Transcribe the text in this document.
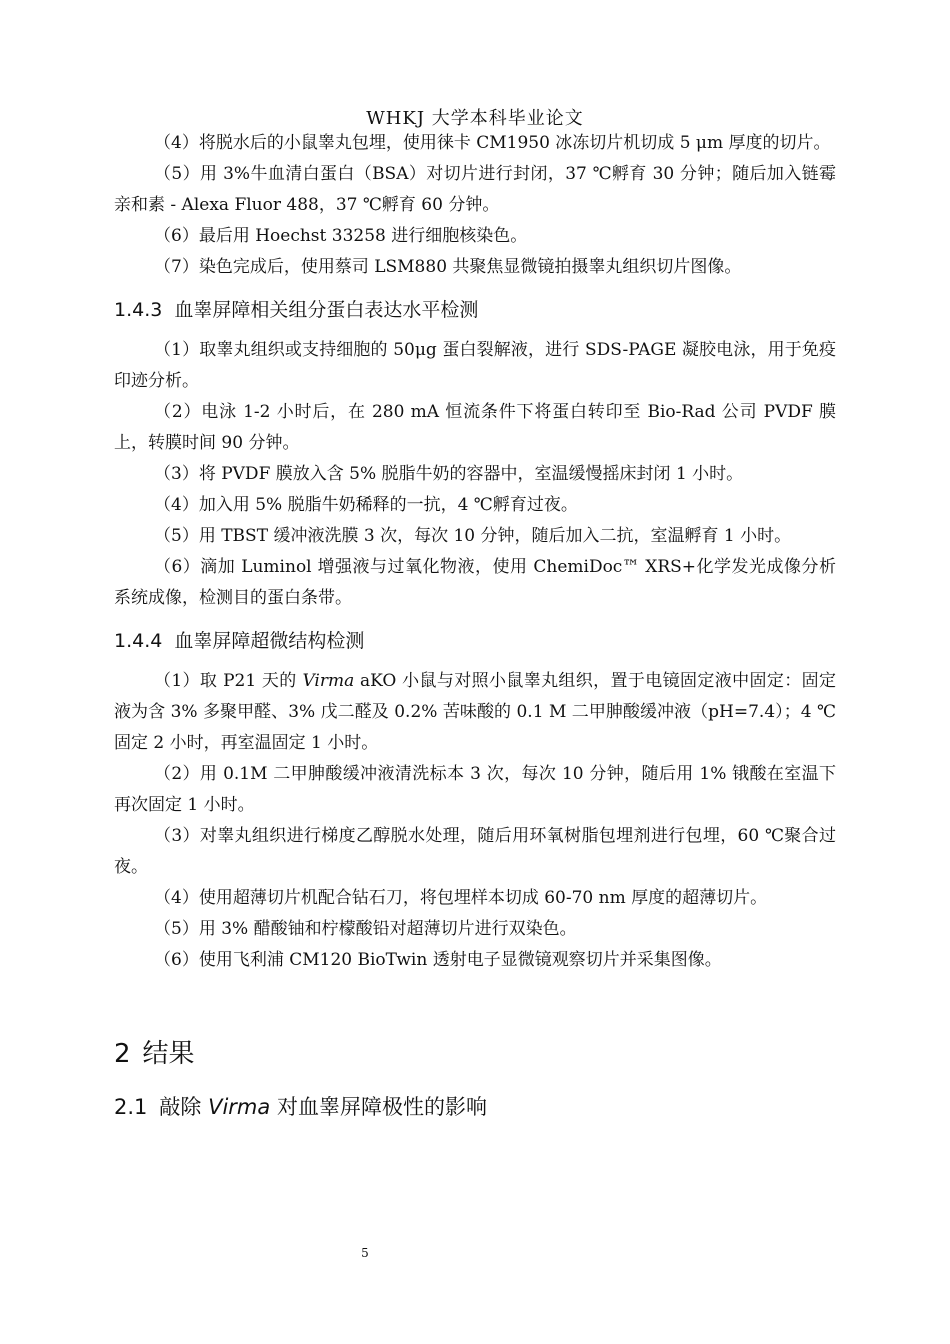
WHKJ 大学本科毕业论文

（4）将脱水后的小鼠睾丸包埋，使用徕卡 CM1950 冰冻切片机切成 5 μm 厚度的切片。

（5）用 3%牛血清白蛋白（BSA）对切片进行封闭，37 ℃孵育 30 分钟；随后加入链霉亲和素 - Alexa Fluor 488，37 ℃孵育 60 分钟。

（6）最后用 Hoechst 33258 进行细胞核染色。

（7）染色完成后，使用蔡司 LSM880 共聚焦显微镜拍摄睾丸组织切片图像。

1.4.3 血睾屏障相关组分蛋白表达水平检测

（1）取睾丸组织或支持细胞的 50μg 蛋白裂解液，进行 SDS-PAGE 凝胶电泳，用于免疫印迹分析。

（2）电泳 1-2 小时后，在 280 mA 恒流条件下将蛋白转印至 Bio-Rad 公司 PVDF 膜上，转膜时间 90 分钟。

（3）将 PVDF 膜放入含 5% 脱脂牛奶的容器中，室温缓慢摇床封闭 1 小时。

（4）加入用 5% 脱脂牛奶稀释的一抗，4 ℃孵育过夜。

（5）用 TBST 缓冲液洗膜 3 次，每次 10 分钟，随后加入二抗，室温孵育 1 小时。

（6）滴加 Luminol 增强液与过氧化物液，使用 ChemiDoc™ XRS+化学发光成像分析系统成像，检测目的蛋白条带。

1.4.4 血睾屏障超微结构检测

（1）取 P21 天的 Virma aKO 小鼠与对照小鼠睾丸组织，置于电镜固定液中固定：固定液为含 3% 多聚甲醛、3% 戊二醛及 0.2% 苦味酸的 0.1 M 二甲胂酸缓冲液（pH=7.4）；4 ℃固定 2 小时，再室温固定 1 小时。

（2）用 0.1M 二甲胂酸缓冲液清洗标本 3 次，每次 10 分钟，随后用 1% 锇酸在室温下再次固定 1 小时。

（3）对睾丸组织进行梯度乙醇脱水处理，随后用环氧树脂包埋剂进行包埋，60 ℃聚合过夜。

（4）使用超薄切片机配合钻石刀，将包埋样本切成 60-70 nm 厚度的超薄切片。

（5）用 3% 醋酸铀和柠檬酸铅对超薄切片进行双染色。

（6）使用飞利浦 CM120 BioTwin 透射电子显微镜观察切片并采集图像。

2 结果
2.1 敲除 Virma 对血睾屏障极性的影响
5
